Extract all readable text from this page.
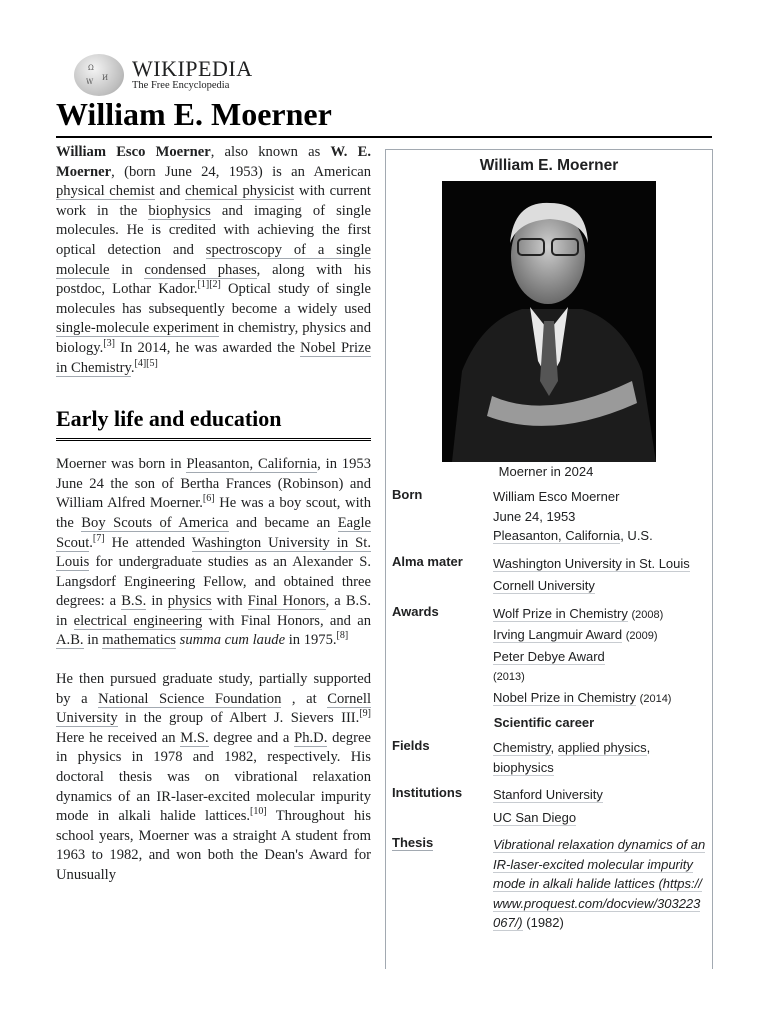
Ω
И
W
WIKIPEDIA
The Free Encyclopedia
William E. Moerner

William Esco Moerner, also known as W. E. Moerner, (born June 24, 1953) is an American physical chemist and chemical physicist with current work in the biophysics and imaging of single molecules. He is credited with achieving the first optical detection and spectroscopy of a single molecule in condensed phases, along with his postdoc, Lothar Kador.[1][2] Optical study of single molecules has subsequently become a widely used single-molecule experiment in chemistry, physics and biology.[3] In 2014, he was awarded the Nobel Prize in Chemistry.[4][5]

Early life and education

Moerner was born in Pleasanton, California, in 1953 June 24 the son of Bertha Frances (Robinson) and William Alfred Moerner.[6] He was a boy scout, with the Boy Scouts of America and became an Eagle Scout.[7] He attended Washington University in St. Louis for undergraduate studies as an Alexander S. Langsdorf Engineering Fellow, and obtained three degrees: a B.S. in physics with Final Honors, a B.S. in electrical engineering with Final Honors, and an A.B. in mathematics summa cum laude in 1975.[8]

He then pursued graduate study, partially supported by a National Science Foundation , at Cornell University in the group of Albert J. Sievers III.[9] Here he received an M.S. degree and a Ph.D. degree in physics in 1978 and 1982, respectively. His doctoral thesis was on vibrational relaxation dynamics of an IR-laser-excited molecular impurity mode in alkali halide lattices.[10] Throughout his school years, Moerner was a straight A student from 1963 to 1982, and won both the Dean's Award for Unusually

William E. Moerner
Moerner in 2024
Born	William Esco Moerner
June 24, 1953
Pleasanton, California, U.S.
Alma mater	Washington University in St. Louis
Cornell University
Awards	Wolf Prize in Chemistry (2008)
Irving Langmuir Award (2009)
Peter Debye Award
(2013)
Nobel Prize in Chemistry (2014)
Scientific career
Fields	Chemistry, applied physics,
biophysics
Institutions	Stanford University
UC San Diego
Thesis	Vibrational relaxation dynamics of an IR-laser-excited molecular impurity mode in alkali halide lattices (https://www.proquest.com/docview/303223067/) (1982)
